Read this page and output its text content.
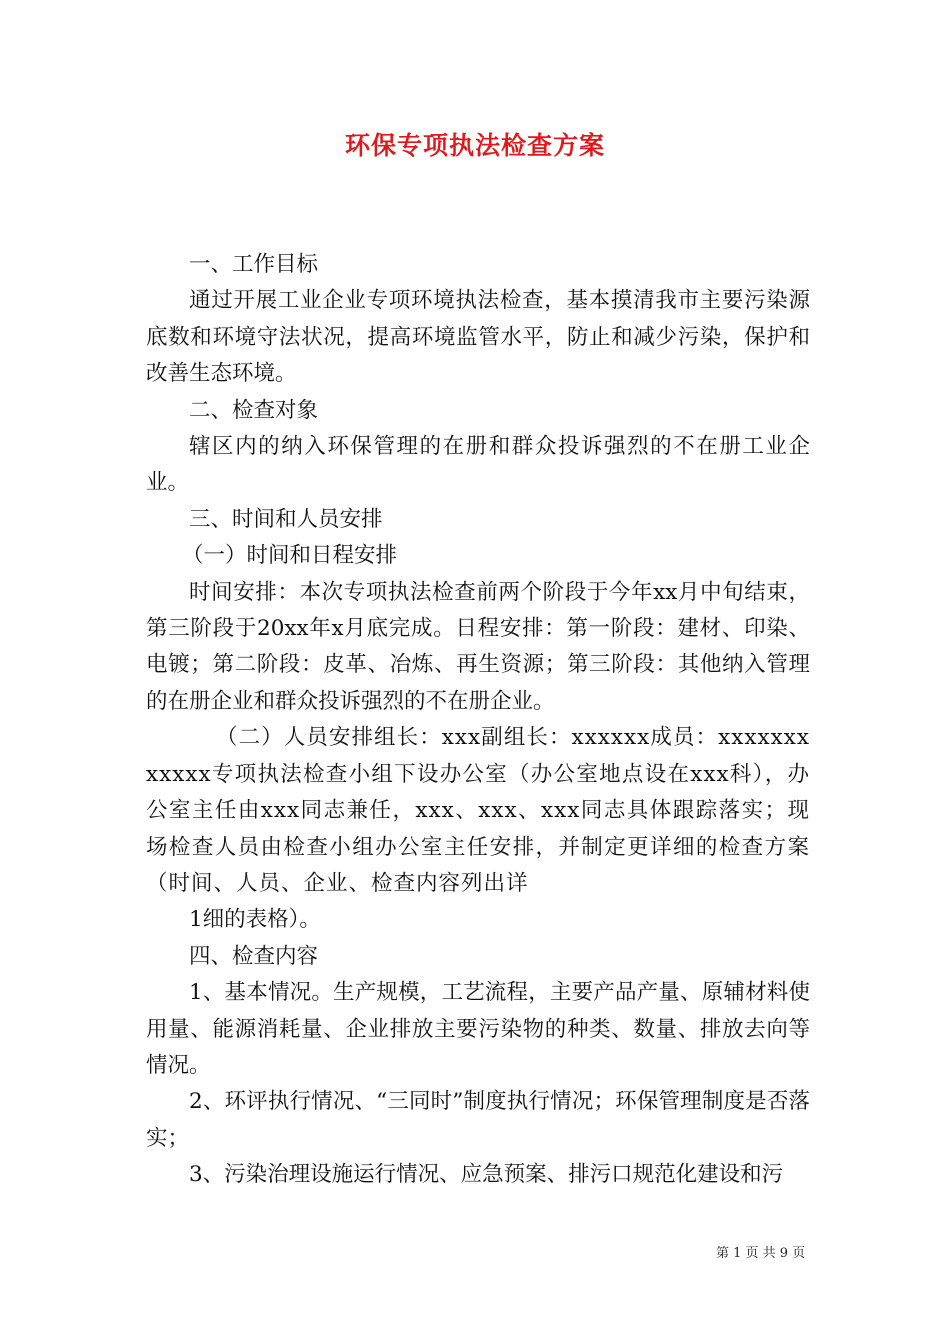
环保专项执法检查方案

一、工作目标

通过开展工业企业专项环境执法检查，基本摸清我市主要污染源底数和环境守法状况，提高环境监管水平，防止和减少污染，保护和改善生态环境。

二、检查对象

辖区内的纳入环保管理的在册和群众投诉强烈的不在册工业企业。

三、时间和人员安排

（一）时间和日程安排

时间安排：本次专项执法检查前两个阶段于今年xx月中旬结束，第三阶段于20xx年x月底完成。日程安排：第一阶段：建材、印染、电镀；第二阶段：皮革、冶炼、再生资源；第三阶段：其他纳入管理的在册企业和群众投诉强烈的不在册企业。

（二）人员安排组长：xxx副组长：xxxxxx成员：xxxxxxxxxxxx专项执法检查小组下设办公室（办公室地点设在xxx科），办公室主任由xxx同志兼任，xxx、xxx、xxx同志具体跟踪落实；现场检查人员由检查小组办公室主任安排，并制定更详细的检查方案（时间、人员、企业、检查内容列出详

1细的表格）。

四、检查内容

1、基本情况。生产规模，工艺流程，主要产品产量、原辅材料使用量、能源消耗量、企业排放主要污染物的种类、数量、排放去向等情况。

2、环评执行情况、“三同时”制度执行情况；环保管理制度是否落实；

3、污染治理设施运行情况、应急预案、排污口规范化建设和污

第 1 页 共 9 页
